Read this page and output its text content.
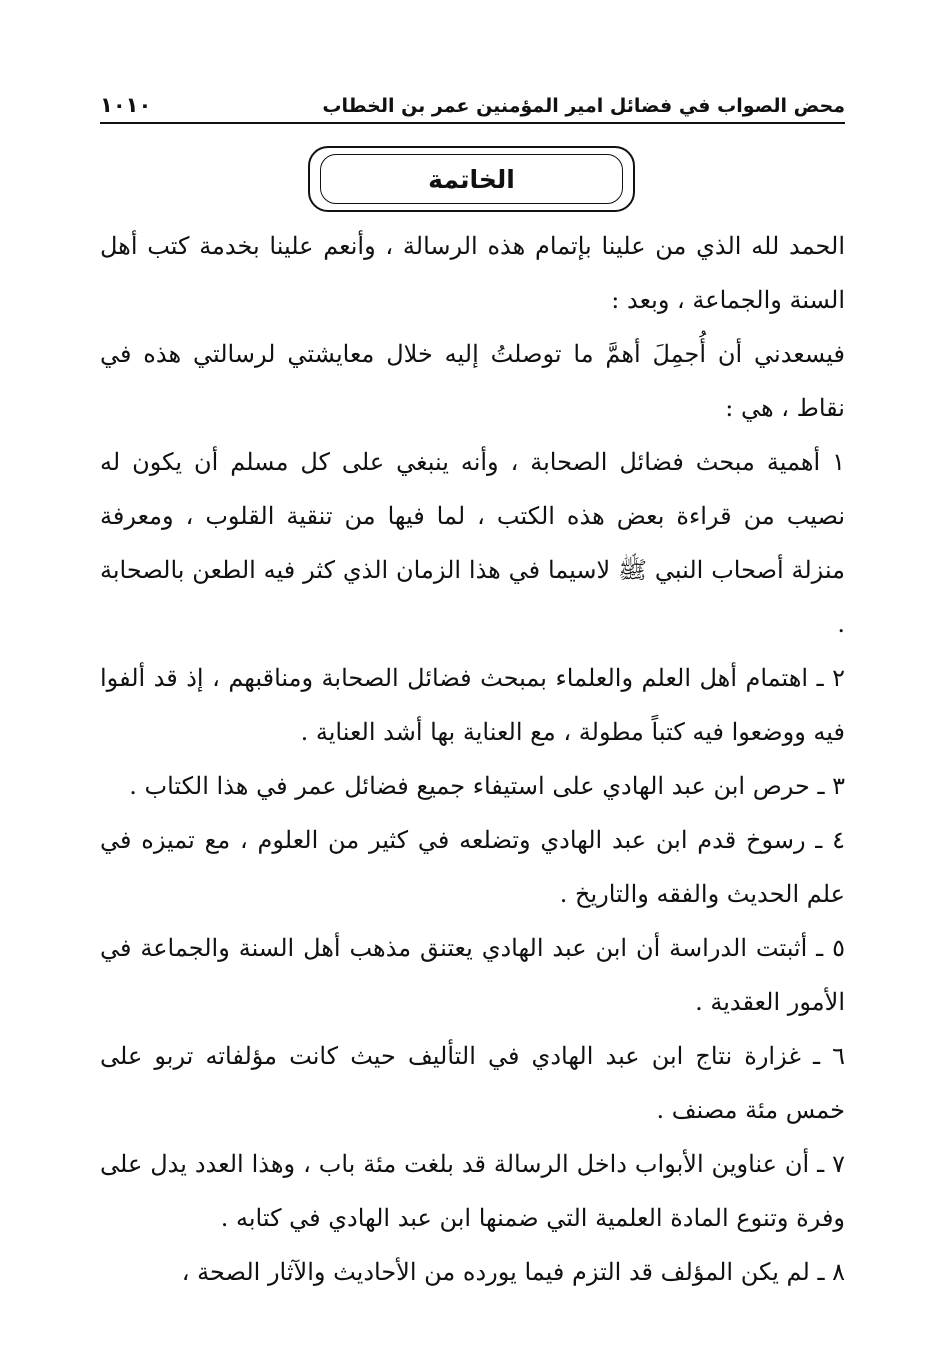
محض الصواب في فضائل امير المؤمنين عمر بن الخطاب
١٠١٠
الخاتمة

الحمد لله الذي من علينا بإتمام هذه الرسالة ، وأنعم علينا بخدمة كتب أهل السنة والجماعة ، وبعد :

فيسعدني أن أُجمِلَ أهمَّ ما توصلتُ إليه خلال معايشتي لرسالتي هذه في نقاط ، هي :

١ أهمية مبحث فضائل الصحابة ، وأنه ينبغي على كل مسلم أن يكون له نصيب من قراءة بعض هذه الكتب ، لما فيها من تنقية القلوب ، ومعرفة منزلة أصحاب النبي ﷺ لاسيما في هذا الزمان الذي كثر فيه الطعن بالصحابة .

٢ ـ اهتمام أهل العلم والعلماء بمبحث فضائل الصحابة ومناقبهم ، إذ قد ألفوا فيه ووضعوا فيه كتباً مطولة ، مع العناية بها أشد العناية .

٣ ـ حرص ابن عبد الهادي على استيفاء جميع فضائل عمر في هذا الكتاب .

٤ ـ رسوخ قدم ابن عبد الهادي وتضلعه في كثير من العلوم ، مع تميزه في علم الحديث والفقه والتاريخ .

٥ ـ أثبتت الدراسة أن ابن عبد الهادي يعتنق مذهب أهل السنة والجماعة في الأمور العقدية .

٦ ـ غزارة نتاج ابن عبد الهادي في التأليف حيث كانت مؤلفاته تربو على خمس مئة مصنف .

٧ ـ أن عناوين الأبواب داخل الرسالة قد بلغت مئة باب ، وهذا العدد يدل على وفرة وتنوع المادة العلمية التي ضمنها ابن عبد الهادي في كتابه .

٨ ـ لم يكن المؤلف قد التزم فيما يورده من الأحاديث والآثار الصحة ،
